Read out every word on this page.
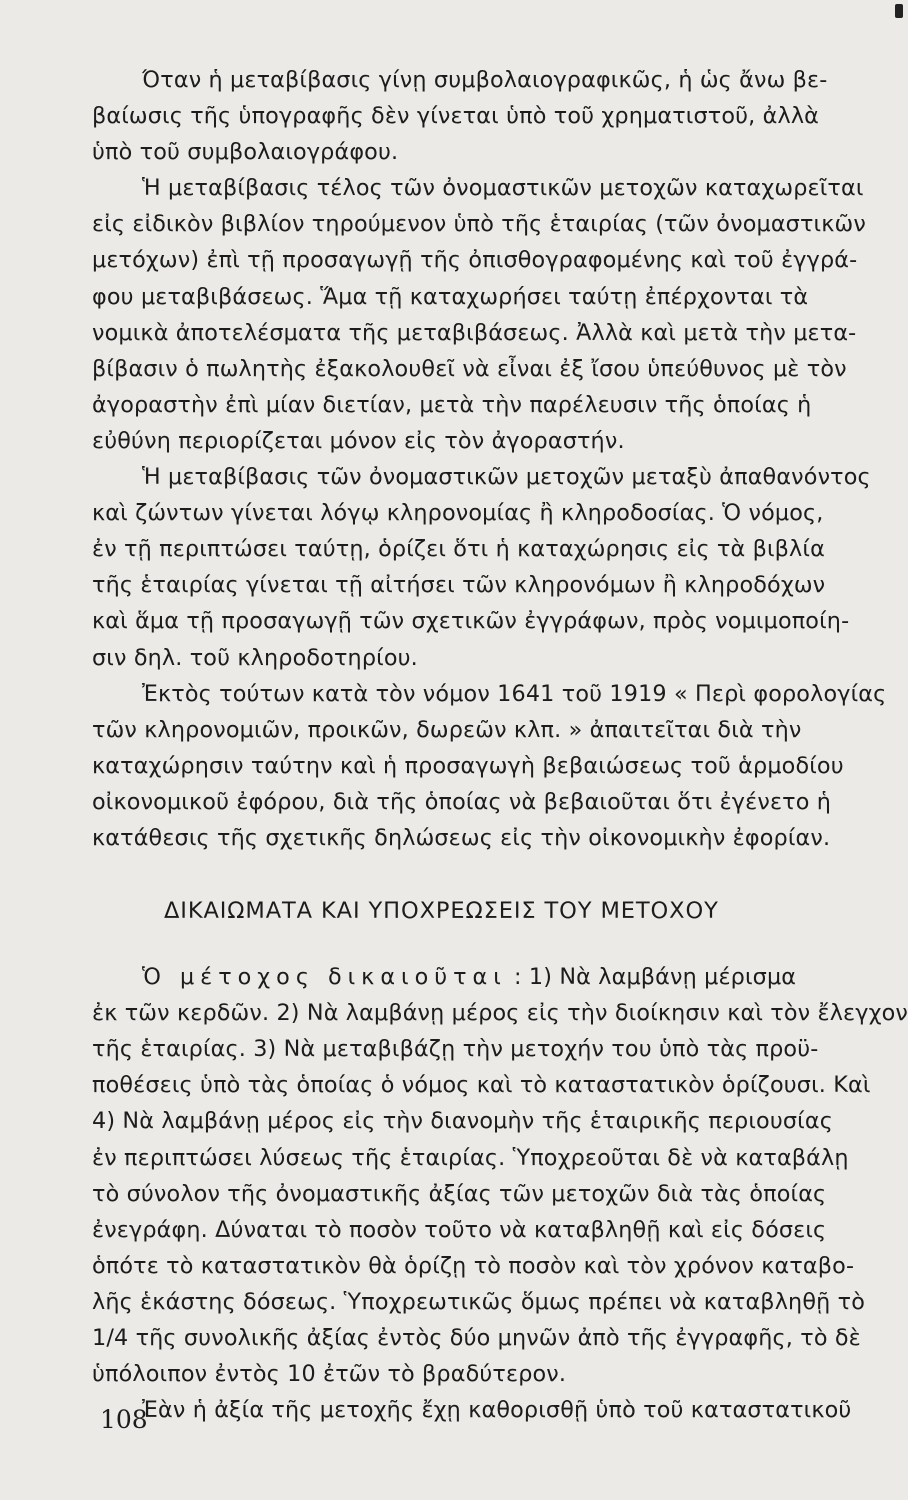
Όταν ἡ μεταβίβασις γίνῃ συμβολαιογραφικῶς, ἡ ὡς ἄνω βε-
βαίωσις τῆς ὑπογραφῆς δὲν γίνεται ὑπὸ τοῦ χρηματιστοῦ, ἀλλὰ
ὑπὸ τοῦ συμβολαιογράφου.

Ἡ μεταβίβασις τέλος τῶν ὀνομαστικῶν μετοχῶν καταχωρεῖται
εἰς εἰδικὸν βιβλίον τηρούμενον ὑπὸ τῆς ἑταιρίας (τῶν ὀνομαστικῶν
μετόχων) ἐπὶ τῇ προσαγωγῇ τῆς ὀπισθογραφομένης καὶ τοῦ ἐγγρά-
φου μεταβιβάσεως. Ἅμα τῇ καταχωρήσει ταύτῃ ἐπέρχονται τὰ
νομικὰ ἀποτελέσματα τῆς μεταβιβάσεως. Ἀλλὰ καὶ μετὰ τὴν μετα-
βίβασιν ὁ πωλητὴς ἐξακολουθεῖ νὰ εἶναι ἐξ ἴσου ὑπεύθυνος μὲ τὸν
ἀγοραστὴν ἐπὶ μίαν διετίαν, μετὰ τὴν παρέλευσιν τῆς ὁποίας ἡ
εὐθύνη περιορίζεται μόνον εἰς τὸν ἀγοραστήν.

Ἡ μεταβίβασις τῶν ὀνομαστικῶν μετοχῶν μεταξὺ ἀπαθανόντος
καὶ ζώντων γίνεται λόγῳ κληρονομίας ἢ κληροδοσίας. Ὁ νόμος,
ἐν τῇ περιπτώσει ταύτῃ, ὁρίζει ὅτι ἡ καταχώρησις εἰς τὰ βιβλία
τῆς ἑταιρίας γίνεται τῇ αἰτήσει τῶν κληρονόμων ἢ κληροδόχων
καὶ ἅμα τῇ προσαγωγῇ τῶν σχετικῶν ἐγγράφων, πρὸς νομιμοποίη-
σιν δηλ. τοῦ κληροδοτηρίου.

Ἐκτὸς τούτων κατὰ τὸν νόμον 1641 τοῦ 1919 « Περὶ φορολογίας
τῶν κληρονομιῶν, προικῶν, δωρεῶν κλπ. » ἀπαιτεῖται διὰ τὴν
καταχώρησιν ταύτην καὶ ἡ προσαγωγὴ βεβαιώσεως τοῦ ἁρμοδίου
οἰκονομικοῦ ἐφόρου, διὰ τῆς ὁποίας νὰ βεβαιοῦται ὅτι ἐγένετο ἡ
κατάθεσις τῆς σχετικῆς δηλώσεως εἰς τὴν οἰκονομικὴν ἐφορίαν.

ΔΙΚΑΙΩΜΑΤΑ ΚΑΙ ΥΠΟΧΡΕΩΣΕΙΣ ΤΟΥ ΜΕΤΟΧΟΥ

Ὁ μέτοχος δικαιοῦται : 1) Νὰ λαμβάνῃ μέρισμα
ἐκ τῶν κερδῶν. 2) Νὰ λαμβάνῃ μέρος εἰς τὴν διοίκησιν καὶ τὸν ἔλεγχον
τῆς ἑταιρίας. 3) Νὰ μεταβιβάζῃ τὴν μετοχήν του ὑπὸ τὰς προϋ-
ποθέσεις ὑπὸ τὰς ὁποίας ὁ νόμος καὶ τὸ καταστατικὸν ὁρίζουσι. Καὶ
4) Νὰ λαμβάνῃ μέρος εἰς τὴν διανομὴν τῆς ἑταιρικῆς περιουσίας
ἐν περιπτώσει λύσεως τῆς ἑταιρίας. Ὑποχρεοῦται δὲ νὰ καταβάλῃ
τὸ σύνολον τῆς ὀνομαστικῆς ἀξίας τῶν μετοχῶν διὰ τὰς ὁποίας
ἐνεγράφη. Δύναται τὸ ποσὸν τοῦτο νὰ καταβληθῇ καὶ εἰς δόσεις
ὁπότε τὸ καταστατικὸν θὰ ὁρίζῃ τὸ ποσὸν καὶ τὸν χρόνον καταβο-
λῆς ἑκάστης δόσεως. Ὑποχρεωτικῶς ὅμως πρέπει νὰ καταβληθῇ τὸ
1/4 τῆς συνολικῆς ἀξίας ἐντὸς δύο μηνῶν ἀπὸ τῆς ἐγγραφῆς, τὸ δὲ
ὑπόλοιπον ἐντὸς 10 ἐτῶν τὸ βραδύτερον.

Ἐὰν ἡ ἀξία τῆς μετοχῆς ἔχῃ καθορισθῇ ὑπὸ τοῦ καταστατικοῦ

108
